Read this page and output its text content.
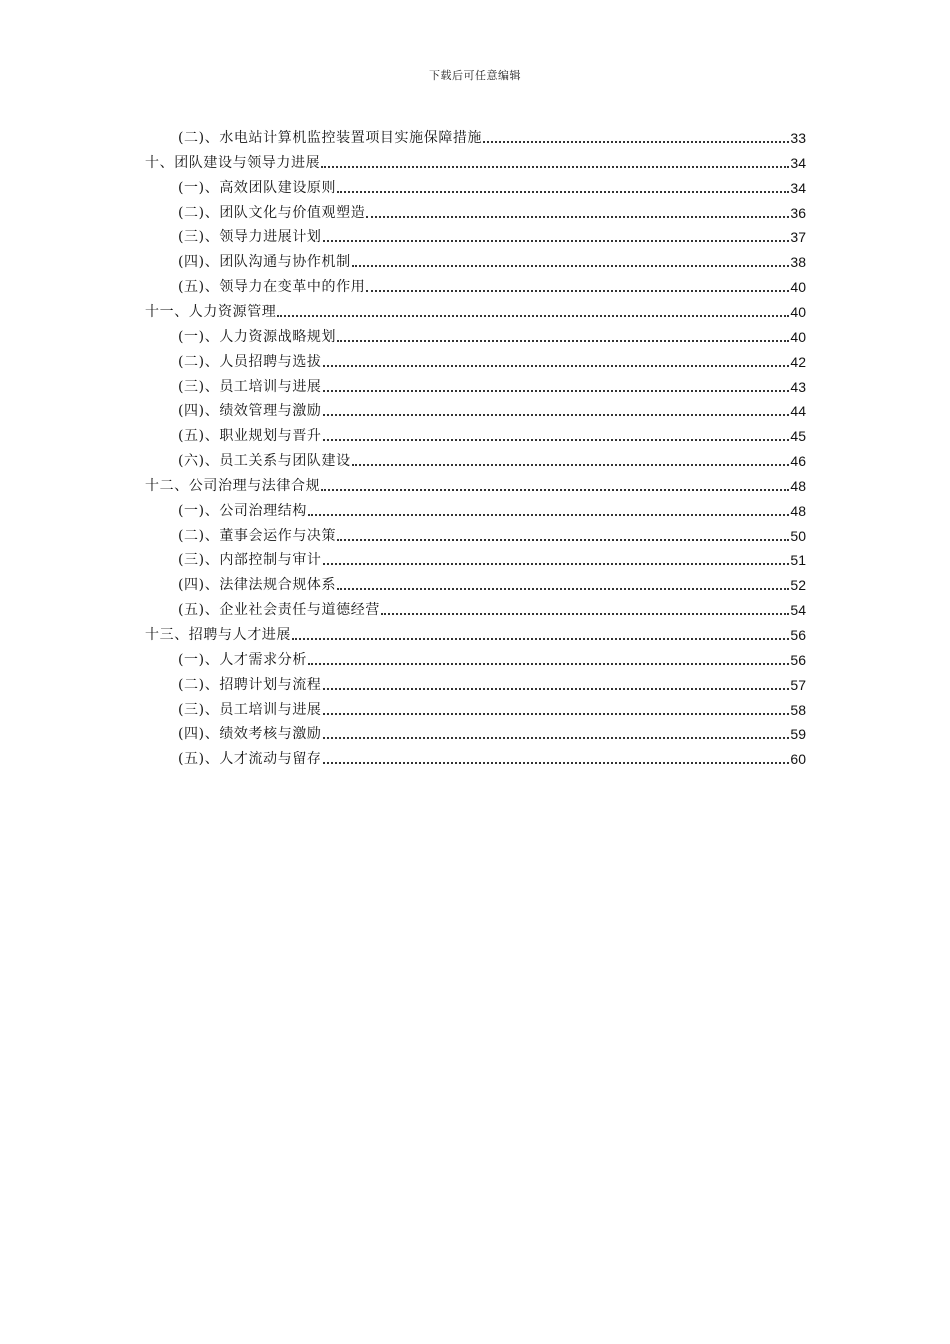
下载后可任意编辑
(二)、水电站计算机监控装置项目实施保障措施	33
十、团队建设与领导力进展	34
(一)、高效团队建设原则	34
(二)、团队文化与价值观塑造	36
(三)、领导力进展计划	37
(四)、团队沟通与协作机制	38
(五)、领导力在变革中的作用	40
十一、人力资源管理	40
(一)、人力资源战略规划	40
(二)、人员招聘与选拔	42
(三)、员工培训与进展	43
(四)、绩效管理与激励	44
(五)、职业规划与晋升	45
(六)、员工关系与团队建设	46
十二、公司治理与法律合规	48
(一)、公司治理结构	48
(二)、董事会运作与决策	50
(三)、内部控制与审计	51
(四)、法律法规合规体系	52
(五)、企业社会责任与道德经营	54
十三、招聘与人才进展	56
(一)、人才需求分析	56
(二)、招聘计划与流程	57
(三)、员工培训与进展	58
(四)、绩效考核与激励	59
(五)、人才流动与留存	60
